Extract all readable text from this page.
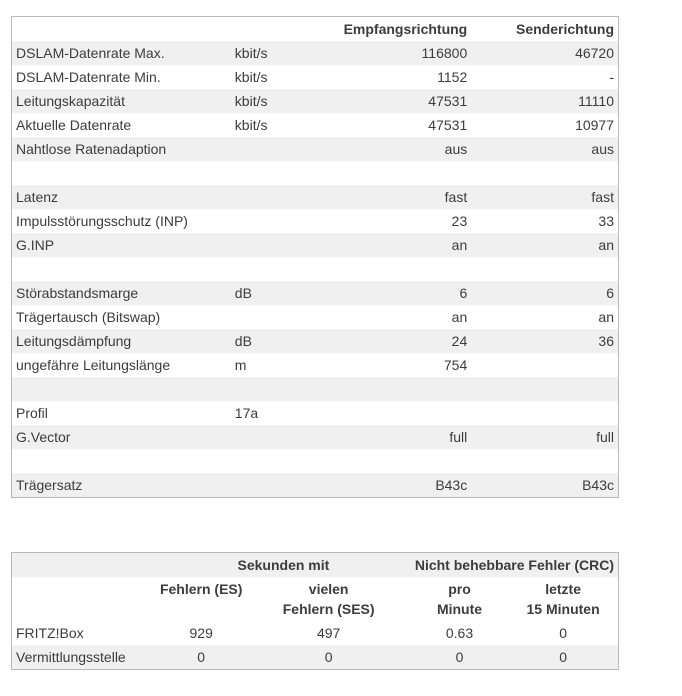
		Empfangsrichtung	Senderichtung
DSLAM-Datenrate Max.	kbit/s	116800	46720
DSLAM-Datenrate Min.	kbit/s	1152	-
Leitungskapazität	kbit/s	47531	11110
Aktuelle Datenrate	kbit/s	47531	10977
Nahtlose Ratenadaption		aus	aus

Latenz		fast	fast
Impulsstörungsschutz (INP)		23	33
G.INP		an	an

Störabstandsmarge	dB	6	6
Trägertausch (Bitswap)		an	an
Leitungsdämpfung	dB	24	36
ungefähre Leitungslänge	m	754	

Profil	17a		
G.Vector		full	full

Trägersatz		B43c	B43c
	Sekunden mit		Nicht behebbare Fehler (CRC)	
	Fehlern (ES)	vielen	pro	letzte
		Fehlern (SES)	Minute	15 Minuten
FRITZ!Box	929	497	0.63	0
Vermittlungsstelle	0	0	0	0
